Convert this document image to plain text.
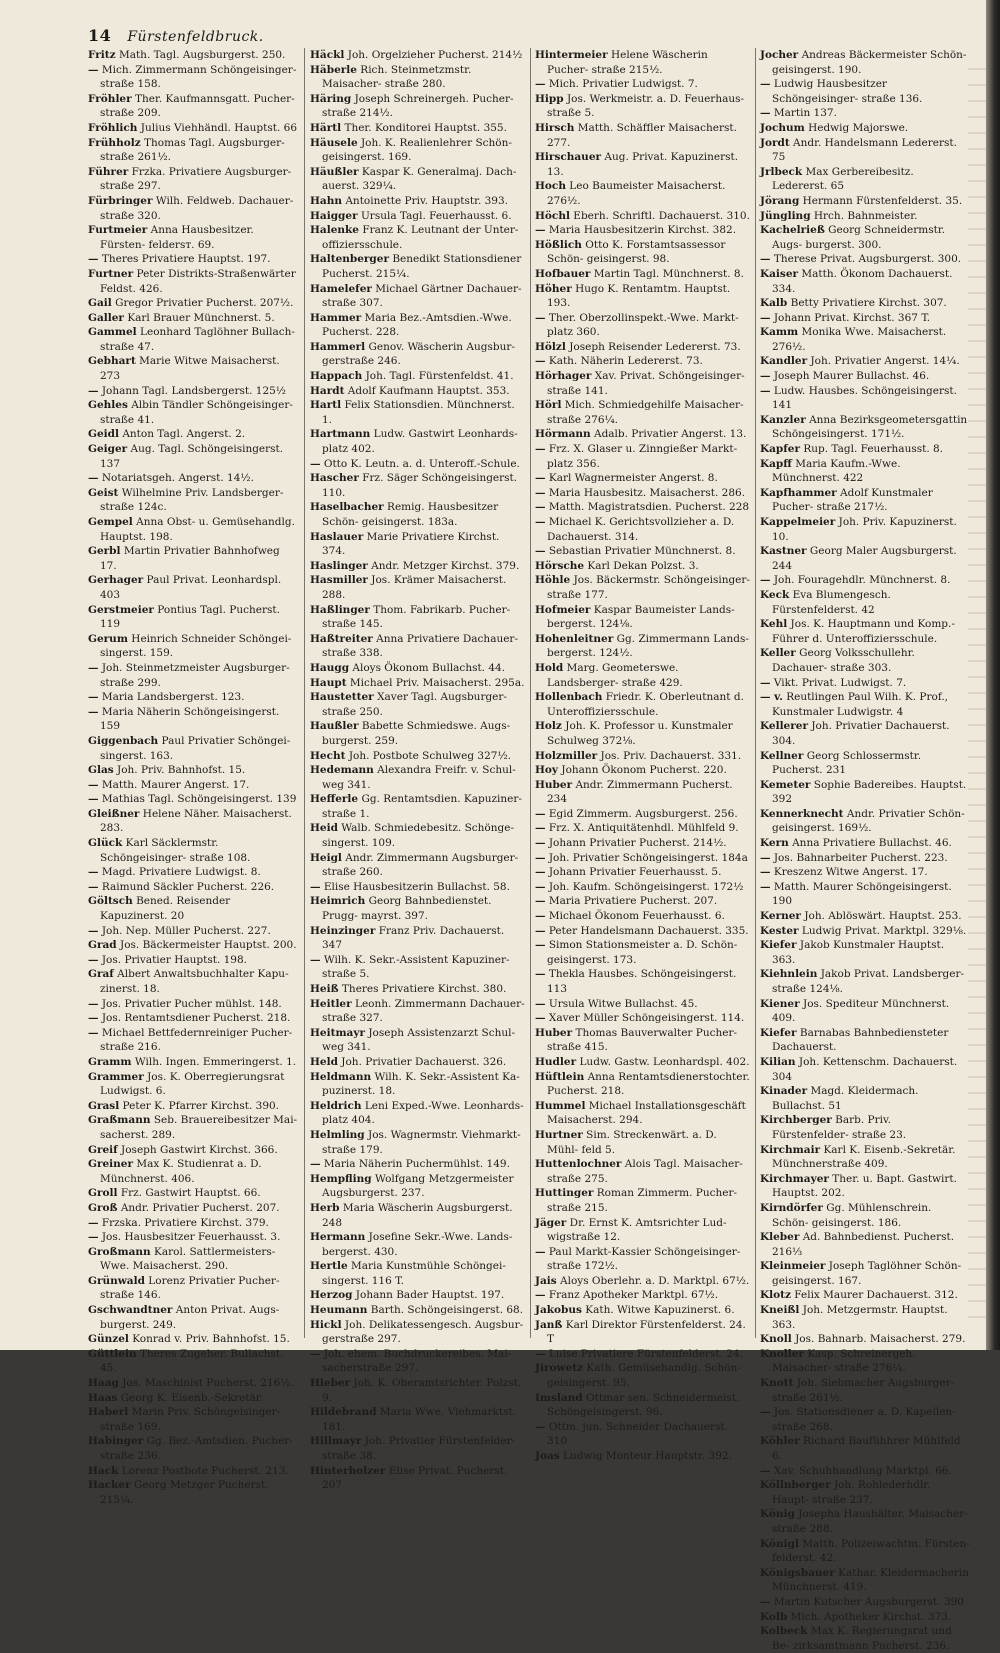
14 Fürstenfeldbruck.

Fritz Math. Tagl. Augsburgerst. 250.

— Mich. Zimmermann Schöngeisinger- straße 158.

Fröhler Ther. Kaufmannsgatt. Pucher- straße 209.

Fröhlich Julius Viehhändl. Hauptst. 66

Frühholz Thomas Tagl. Augsburger- straße 261½.

Führer Frzka. Privatiere Augsburger- straße 297.

Fürbringer Wilh. Feldweb. Dachauer- straße 320.

Furtmeier Anna Hausbesitzer. Fürsten- feldersт. 69.

— Theres Privatiere Hauptst. 197.

Furtner Peter Distrikts-Straßenwärter Feldst. 426.

Gail Gregor Privatier Pucherst. 207½.

Galler Karl Brauer Münchnerst. 5.

Gammel Leonhard Taglöhner Bullach- straße 47.

Gebhart Marie Witwe Maisacherst. 273

— Johann Tagl. Landsbergerst. 125½

Gehles Albin Tändler Schöngeisinger- straße 41.

Geidl Anton Tagl. Angerst. 2.

Geiger Aug. Tagl. Schöngeisingerst. 137

— Notariatsgeh. Angerst. 14½.

Geist Wilhelmine Priv. Landsberger- straße 124c.

Gempel Anna Obst- u. Gemüsehandlg. Hauptst. 198.

Gerbl Martin Privatier Bahnhofweg 17.

Gerhager Paul Privat. Leonhardspl. 403

Gerstmeier Pontius Tagl. Pucherst. 119

Gerum Heinrich Schneider Schöngei- singerst. 159.

— Joh. Steinmetzmeister Augsburger- straße 299.

— Maria Landsbergerst. 123.

— Maria Näherin Schöngeisingerst. 159

Giggenbach Paul Privatier Schöngei- singerst. 163.

Glas Joh. Priv. Bahnhofst. 15.

— Matth. Maurer Angerst. 17.

— Mathias Tagl. Schöngeisingerst. 139

Gleißner Helene Näher. Maisacherst. 283.

Glück Karl Säcklermstr. Schöngeisinger- straße 108.

— Magd. Privatiere Ludwigst. 8.

— Raimund Säckler Pucherst. 226.

Göltsch Bened. Reisender Kapuzinerst. 20

— Joh. Nep. Müller Pucherst. 227.

Grad Jos. Bäckermeister Hauptst. 200.

— Jos. Privatier Hauptst. 198.

Graf Albert Anwaltsbuchhalter Kapu- zinerst. 18.

— Jos. Privatier Pucher mühlst. 148.

— Jos. Rentamtsdiener Pucherst. 218.

— Michael Bettfedernreiniger Pucher- straße 216.

Gramm Wilh. Ingen. Emmeringerst. 1.

Grammer Jos. K. Oberregierungsrat Ludwigst. 6.

Grasl Peter K. Pfarrer Kirchst. 390.

Graßmann Seb. Brauereibesitzer Mai- sacherst. 289.

Greif Joseph Gastwirt Kirchst. 366.

Greiner Max K. Studienrat a. D. Münchnerst. 406.

Groll Frz. Gastwirt Hauptst. 66.

Groß Andr. Privatier Pucherst. 207.

— Frzska. Privatiere Kirchst. 379.

— Jos. Hausbesitzer Feuerhausst. 3.

Großmann Karol. Sattlermeisters-Wwe. Maisacherst. 290.

Grünwald Lorenz Privatier Pucher- straße 146.

Gschwandtner Anton Privat. Augs- burgerst. 249.

Günzel Konrad v. Priv. Bahnhofst. 15.

Güttlein Theres Zugeher. Bullachst. 45.

Haag Jos. Maschinist Pucherst. 216½.

Haas Georg K. Eisenb.-Sekretär.

Haberl Marin Priv. Schöngeisinger- straße 169.

Habinger Gg. Bez.-Amtsdien. Pucher- straße 236.

Hack Lorenz Postbote Pucherst. 213.

Hacker Georg Metzger Pucherst. 215¼.

Häckl Joh. Orgelzieher Pucherst. 214½

Häberle Rich. Steinmetzmstr. Maisacher- straße 280.

Häring Joseph Schreinergeh. Pucher- straße 214½.

Härtl Ther. Konditorei Hauptst. 355.

Häusele Joh. K. Realienlehrer Schön- geisingerst. 169.

Häußler Kaspar K. Generalmaj. Dach- auerst. 329¼.

Hahn Antoinette Priv. Hauptstr. 393.

Haigger Ursula Tagl. Feuerhausst. 6.

Halenke Franz K. Leutnant der Unter- offiziersschule.

Haltenberger Benedikt Stationsdiener Pucherst. 215¼.

Hamelefer Michael Gärtner Dachauer- straße 307.

Hammer Maria Bez.-Amtsdien.-Wwe. Pucherst. 228.

Hammerl Genov. Wäscherin Augsbur- gerstraße 246.

Happach Joh. Tagl. Fürstenfeldst. 41.

Hardt Adolf Kaufmann Hauptst. 353.

Hartl Felix Stationsdien. Münchnerst. 1.

Hartmann Ludw. Gastwirt Leonhards- platz 402.

— Otto K. Leutn. a. d. Unteroff.-Schule.

Hascher Frz. Säger Schöngeisingerst. 110.

Haselbacher Remig. Hausbesitzer Schön- geisingerst. 183a.

Haslauer Marie Privatiere Kirchst. 374.

Haslinger Andr. Metzger Kirchst. 379.

Hasmiller Jos. Krämer Maisacherst. 288.

Haßlinger Thom. Fabrikarb. Pucher- straße 145.

Haßtreiter Anna Privatiere Dachauer- straße 338.

Haugg Aloys Ökonom Bullachst. 44.

Haupt Michael Priv. Maisacherst. 295a.

Haustetter Xaver Tagl. Augsburger- straße 250.

Haußler Babette Schmiedswe. Augs- burgerst. 259.

Hecht Joh. Postbote Schulweg 327½.

Hedemann Alexandra Freifr. v. Schul- weg 341.

Hefferle Gg. Rentamtsdien. Kapuziner- straße 1.

Heid Walb. Schmiedebesitz. Schönge- singerst. 109.

Heigl Andr. Zimmermann Augsburger- straße 260.

— Elise Hausbesitzerin Bullachst. 58.

Heimrich Georg Bahnbedienstet. Prugg- mayrst. 397.

Heinzinger Franz Priv. Dachauerst. 347

— Wilh. K. Sekr.-Assistent Kapuziner- straße 5.

Heiß Theres Privatiere Kirchst. 380.

Heitler Leonh. Zimmermann Dachauer- straße 327.

Heitmayr Joseph Assistenzarzt Schul- weg 341.

Held Joh. Privatier Dachauerst. 326.

Heldmann Wilh. K. Sekr.-Assistent Ka- puzinerst. 18.

Heldrich Leni Exped.-Wwe. Leonhards- platz 404.

Helmling Jos. Wagnermstr. Viehmarkt- straße 179.

— Maria Näherin Puchermühlst. 149.

Hempfling Wolfgang Metzgermeister Augsburgerst. 237.

Herb Maria Wäscherin Augsburgerst. 248

Hermann Josefine Sekr.-Wwe. Lands- bergerst. 430.

Hertle Maria Kunstmühle Schöngei- singerst. 116 T.

Herzog Johann Bader Hauptst. 197.

Heumann Barth. Schöngeisingerst. 68.

Hickl Joh. Delikatessengesch. Augsbur- gerstraße 297.

— Joh. ehem. Buchdruckereibes. Mai- sacherstraße 297.

Hieber Joh. K. Oberamtsrichter. Polzst. 9.

Hildebrand Maria Wwe. Viehmarktst. 181.

Hillmayr Joh. Privatier Fürstenfelder- straße 38.

Hinterholzer Elise Privat. Pucherst. 207

Hintermeier Helene Wäscherin Pucher- straße 215½.

— Mich. Privatier Ludwigst. 7.

Hipp Jos. Werkmeistr. a. D. Feuerhaus- straße 5.

Hirsch Matth. Schäffler Maisacherst. 277.

Hirschauer Aug. Privat. Kapuzinerst. 13.

Hoch Leo Baumeister Maisacherst. 276½.

Höchl Eberh. Schriftl. Dachauerst. 310.

— Maria Hausbesitzerin Kirchst. 382.

Hößlich Otto K. Forstamtsassessor Schön- geisingerst. 98.

Hofbauer Martin Tagl. Münchnerst. 8.

Höher Hugo K. Rentamtm. Hauptst. 193.

— Ther. Oberzollinspekt.-Wwe. Markt- platz 360.

Hölzl Joseph Reisender Ledererst. 73.

— Kath. Näherin Ledererst. 73.

Hörhager Xav. Privat. Schöngeisinger- straße 141.

Hörl Mich. Schmiedgehilfe Maisacher- straße 276¼.

Hörmann Adalb. Privatier Angerst. 13.

— Frz. X. Glaser u. Zinngießer Markt- platz 356.

— Karl Wagnermeister Angerst. 8.

— Maria Hausbesitz. Maisacherst. 286.

— Matth. Magistratsdien. Pucherst. 228

— Michael K. Gerichtsvollzieher a. D. Dachauerst. 314.

— Sebastian Privatier Münchnerst. 8.

Hörsche Karl Dekan Polzst. 3.

Höhle Jos. Bäckermstr. Schöngeisinger- straße 177.

Hofmeier Kaspar Baumeister Lands- bergerst. 124⅛.

Hohenleitner Gg. Zimmermann Lands- bergerst. 124½.

Hold Marg. Geometerswe. Landsberger- straße 429.

Hollenbach Friedr. K. Oberleutnant d. Unteroffiziersschule.

Holz Joh. K. Professor u. Kunstmaler Schulweg 372⅛.

Holzmiller Jos. Priv. Dachauerst. 331.

Hoy Johann Ökonom Pucherst. 220.

Huber Andr. Zimmermann Pucherst. 234

— Egid Zimmerm. Augsburgerst. 256.

— Frz. X. Antiquitätenhdl. Mühlfeld 9.

— Johann Privatier Pucherst. 214½.

— Joh. Privatier Schöngeisingerst. 184a

— Johann Privatier Feuerhausst. 5.

— Joh. Kaufm. Schöngeisingerst. 172½

— Maria Privatiere Pucherst. 207.

— Michael Ökonom Feuerhausst. 6.

— Peter Handelsmann Dachauerst. 335.

— Simon Stationsmeister a. D. Schön- geisingerst. 173.

— Thekla Hausbes. Schöngeisingerst. 113

— Ursula Witwe Bullachst. 45.

— Xaver Müller Schöngeisingerst. 114.

Huber Thomas Bauverwalter Pucher- straße 415.

Hudler Ludw. Gastw. Leonhardspl. 402.

Hüftlein Anna Rentamtsdienerstochter. Pucherst. 218.

Hummel Michael Installationsgeschäft Maisacherst. 294.

Hurtner Sim. Streckenwärt. a. D. Mühl- feld 5.

Huttenlochner Alois Tagl. Maisacher- straße 275.

Huttinger Roman Zimmerm. Pucher- straße 215.

Jäger Dr. Ernst K. Amtsrichter Lud- wigstraße 12.

— Paul Markt-Kassier Schöngeisinger- straße 172½.

Jais Aloys Oberlehr. a. D. Marktpl. 67½.

— Franz Apotheker Marktpl. 67½.

Jakobus Kath. Witwe Kapuzinerst. 6.

Janß Karl Direktor Fürstenfelderst. 24. T

— Luise Privatiere Fürstenfelderst. 24.

Jirowetz Kath. Gemüsehandlg. Schön- geisingerst. 95.

Imsland Ottmar sen. Schneidermeist. Schöngeisingerst. 96.

— Ottm. jun. Schneider Dachauerst. 310

Joas Ludwig Monteur Hauptstr. 392.

Jocher Andreas Bäckermeister Schön- geisingerst. 190.

— Ludwig Hausbesitzer Schöngeisinger- straße 136.

— Martin 137.

Jochum Hedwig Majorswe.

Jordt Andr. Handelsmann Ledererst. 75

Jrlbeck Max Gerbereibesitz. Ledererst. 65

Jörang Hermann Fürstenfelderst. 35.

Jüngling Hrch. Bahnmeister.

Kachelrieß Georg Schneidermstr. Augs- burgerst. 300.

— Therese Privat. Augsburgerst. 300.

Kaiser Matth. Ökonom Dachauerst. 334.

Kalb Betty Privatiere Kirchst. 307.

— Johann Privat. Kirchst. 367 T.

Kamm Monika Wwe. Maisacherst. 276½.

Kandler Joh. Privatier Angerst. 14¼.

— Joseph Maurer Bullachst. 46.

— Ludw. Hausbes. Schöngeisingerst. 141

Kanzler Anna Bezirksgeometersgattin Schöngeisingerst. 171½.

Kapfer Rup. Tagl. Feuerhausst. 8.

Kapff Maria Kaufm.-Wwe. Münchnerst. 422

Kapfhammer Adolf Kunstmaler Pucher- straße 217½.

Kappelmeier Joh. Priv. Kapuzinerst. 10.

Kastner Georg Maler Augsburgerst. 244

— Joh. Fouragehdlr. Münchnerst. 8.

Keck Eva Blumengesch. Fürstenfelderst. 42

Kehl Jos. K. Hauptmann und Komp.- Führer d. Unteroffiziersschule.

Keller Georg Volksschullehr. Dachauer- straße 303.

— Vikt. Privat. Ludwigst. 7.

— v. Reutlingen Paul Wilh. K. Prof., Kunstmaler Ludwigstr. 4

Kellerer Joh. Privatier Dachauerst. 304.

Kellner Georg Schlossermstr. Pucherst. 231

Kemeter Sophie Badereibes. Hauptst. 392

Kennerknecht Andr. Privatier Schön- geisingerst. 169½.

Kern Anna Privatiere Bullachst. 46.

— Jos. Bahnarbeiter Pucherst. 223.

— Kreszenz Witwe Angerst. 17.

— Matth. Maurer Schöngeisingerst. 190

Kerner Joh. Ablöswärt. Hauptst. 253.

Kester Ludwig Privat. Marktpl. 329⅛.

Kiefer Jakob Kunstmaler Hauptst. 363.

Kiehnlein Jakob Privat. Landsberger- straße 124⅛.

Kiener Jos. Spediteur Münchnerst. 409.

Kiefer Barnabas Bahnbediensteter Dachauerst.

Kilian Joh. Kettenschm. Dachauerst. 304

Kinader Magd. Kleidermach. Bullachst. 51

Kirchberger Barb. Priv. Fürstenfelder- straße 23.

Kirchmair Karl K. Eisenb.-Sekretär. Münchnerstraße 409.

Kirchmayer Ther. u. Bapt. Gastwirt. Hauptst. 202.

Kirndörfer Gg. Mühlenschrein. Schön- geisingerst. 186.

Kleber Ad. Bahnbedienst. Pucherst. 216⅓

Kleinmeier Joseph Taglöhner Schön- geisingerst. 167.

Klotz Felix Maurer Dachauerst. 312.

Kneißl Joh. Metzgermstr. Hauptst. 363.

Knoll Jos. Bahnarb. Maisacherst. 279.

Knoller Kasp. Schreinergeh. Maisacher- straße 276¼.

Knott Joh. Siebmacher Augsburger- straße 261½.

— Jos. Stationsdiener a. D. Kapellen- straße 268.

Köhler Richard Baufühhrer Mühlfeld 6.

— Xav. Schuhhandlung Marktpl. 66.

Köllnberger Joh. Rohlederhdlr. Haupt- straße 237.

König Josepha Haushälter. Maisacher- straße 288.

Königl Matth. Polizeiwachtm. Fürsten- felderst. 42.

Königsbauer Kathar. Kleidermacherin Münchnerst. 419.

— Martin Kutscher Augsburgerst. 390

Kolb Mich. Apotheker Kirchst. 373.

Kolbeck Max K. Regierungsrat und Be- zirksamtmann Pucherst. 236.
